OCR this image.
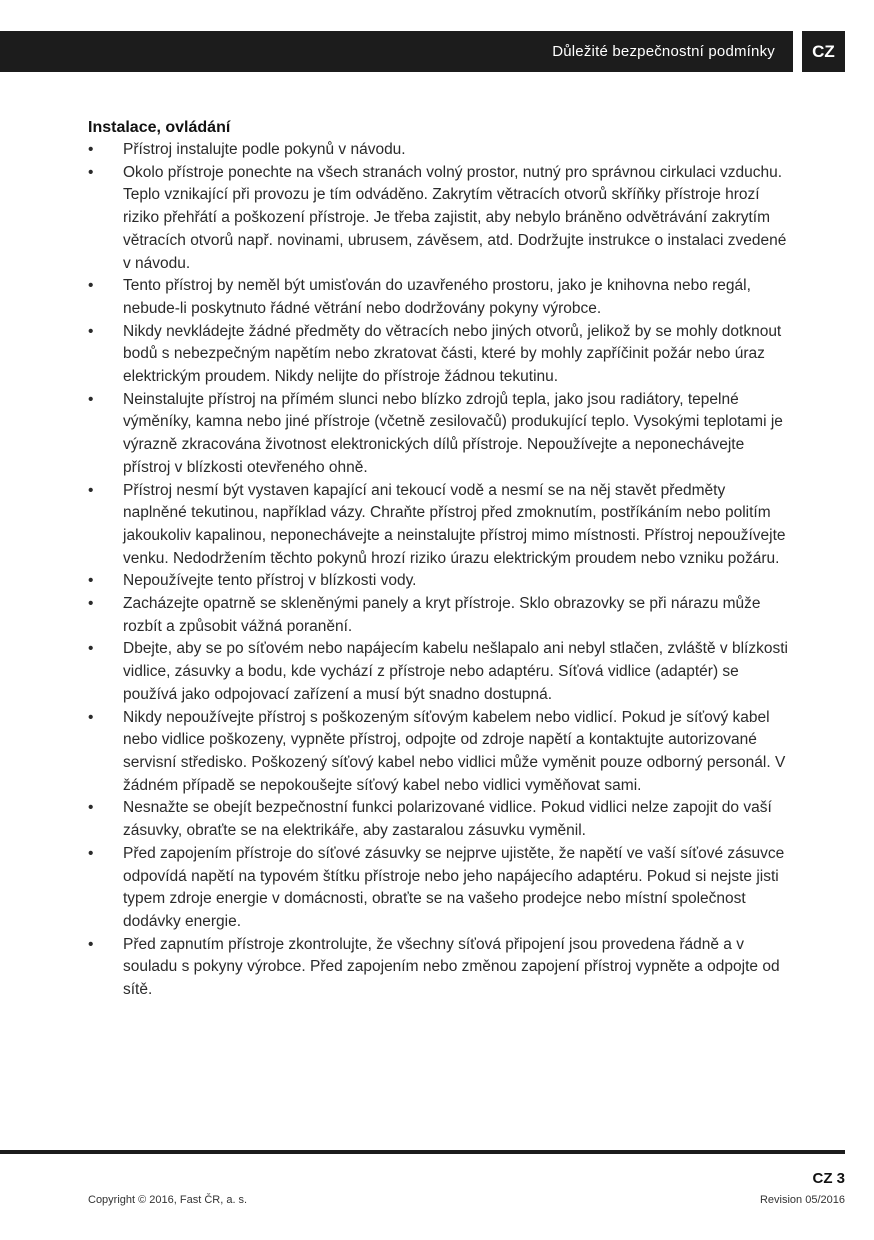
Důležité bezpečnostní podmínky	CZ
Instalace, ovládání
• Přístroj instalujte podle pokynů v návodu.
• Okolo přístroje ponechte na všech stranách volný prostor, nutný pro správnou cirkulaci vzduchu. Teplo vznikající při provozu je tím odváděno. Zakrytím větracích otvorů skříňky přístroje hrozí riziko přehřátí a poškození přístroje. Je třeba zajistit, aby nebylo bráněno odvětrávání zakrytím větracích otvorů např. novinami, ubrusem, závěsem, atd. Dodržujte instrukce o instalaci zvedené v návodu.
• Tento přístroj by neměl být umisťován do uzavřeného prostoru, jako je knihovna nebo regál, nebude-li poskytnuto řádné větrání nebo dodržovány pokyny výrobce.
• Nikdy nevkládejte žádné předměty do větracích nebo jiných otvorů, jelikož by se mohly dotknout bodů s nebezpečným napětím nebo zkratovat části, které by mohly zapříčinit požár nebo úraz elektrickým proudem. Nikdy nelijte do přístroje žádnou tekutinu.
• Neinstalujte přístroj na přímém slunci nebo blízko zdrojů tepla, jako jsou radiátory, tepelné výměníky, kamna nebo jiné přístroje (včetně zesilovačů) produkující teplo. Vysokými teplotami je výrazně zkracována životnost elektronických dílů přístroje. Nepoužívejte a neponechávejte přístroj v blízkosti otevřeného ohně.
• Přístroj nesmí být vystaven kapající ani tekoucí vodě a nesmí se na něj stavět předměty naplněné tekutinou, například vázy. Chraňte přístroj před zmoknutím, postříkáním nebo politím jakoukoliv kapalinou, neponechávejte a neinstalujte přístroj mimo místnosti. Přístroj nepoužívejte venku. Nedodržením těchto pokynů hrozí riziko úrazu elektrickým proudem nebo vzniku požáru.
• Nepoužívejte tento přístroj v blízkosti vody.
• Zacházejte opatrně se skleněnými panely a kryt přístroje. Sklo obrazovky se při nárazu může rozbít a způsobit vážná poranění.
• Dbejte, aby se po síťovém nebo napájecím kabelu nešlapalo ani nebyl stlačen, zvláště v blízkosti vidlice, zásuvky a bodu, kde vychází z přístroje nebo adaptéru. Síťová vidlice (adaptér) se používá jako odpojovací zařízení a musí být snadno dostupná.
• Nikdy nepoužívejte přístroj s poškozeným síťovým kabelem nebo vidlicí. Pokud je síťový kabel nebo vidlice poškozeny, vypněte přístroj, odpojte od zdroje napětí a kontaktujte autorizované servisní středisko. Poškozený síťový kabel nebo vidlici může vyměnit pouze odborný personál. V žádném případě se nepokoušejte síťový kabel nebo vidlici vyměňovat sami.
• Nesnažte se obejít bezpečnostní funkci polarizované vidlice. Pokud vidlici nelze zapojit do vaší zásuvky, obraťte se na elektrikáře, aby zastaralou zásuvku vyměnil.
• Před zapojením přístroje do síťové zásuvky se nejprve ujistěte, že napětí ve vaší síťové zásuvce odpovídá napětí na typovém štítku přístroje nebo jeho napájecího adaptéru. Pokud si nejste jisti typem zdroje energie v domácnosti, obraťte se na vašeho prodejce nebo místní společnost dodávky energie.
• Před zapnutím přístroje zkontrolujte, že všechny síťová připojení jsou provedena řádně a v souladu s pokyny výrobce. Před zapojením nebo změnou zapojení přístroj vypněte a odpojte od sítě.
CZ 3
Copyright © 2016, Fast ČR, a. s.	Revision 05/2016
